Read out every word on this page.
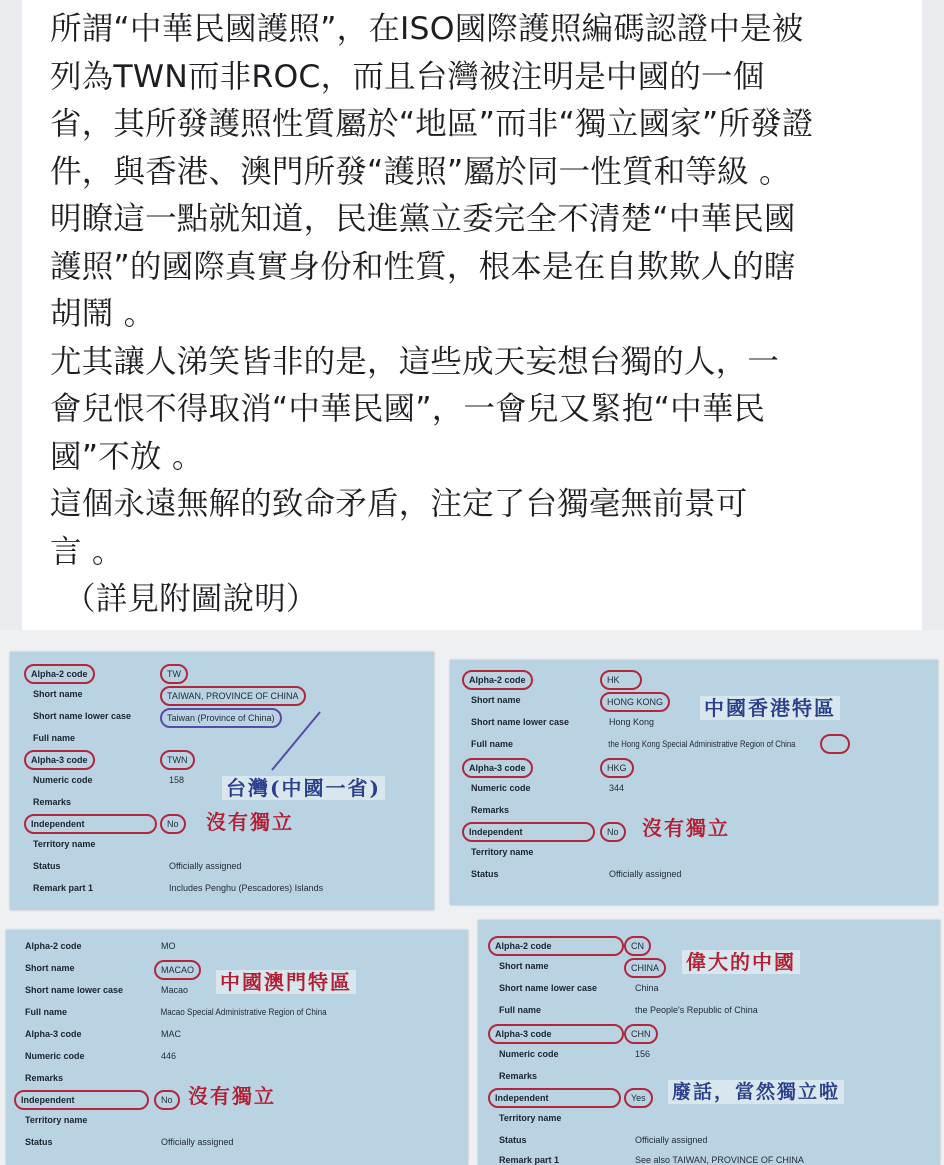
所謂“中華民國護照”，在ISO國際護照編碼認證中是被
列為TWN而非ROC，而且台灣被注明是中國的一個
省，其所發護照性質屬於“地區”而非“獨立國家”所發證
件，與香港、澳門所發“護照”屬於同一性質和等級 。
明瞭這一點就知道，民進黨立委完全不清楚“中華民國
護照”的國際真實身份和性質，根本是在自欺欺人的瞎
胡鬧 。
尤其讓人涕笑皆非的是，這些成天妄想台獨的人，一
會兒恨不得取消“中華民國”，一會兒又緊抱“中華民
國”不放 。
這個永遠無解的致命矛盾，注定了台獨毫無前景可
言 。
（詳見附圖說明）
Alpha-2 code	TW
Short name	TAIWAN, PROVINCE OF CHINA
Short name lower case	Taiwan (Province of China)
Full name
Alpha-3 code	TWN
Numeric code	158
Remarks
Independent	No
Territory name
Status	Officially assigned
Remark part 1	Includes Penghu (Pescadores) Islands
台灣(中國一省)
沒有獨立
Alpha-2 code	HK
Short name	HONG KONG
Short name lower case	Hong Kong
Full name	the Hong Kong Special Administrative Region of China
Alpha-3 code	HKG
Numeric code	344
Remarks
Independent	No
Territory name
Status	Officially assigned
中國香港特區
沒有獨立
Alpha-2 code	MO
Short name	MACAO
Short name lower case	Macao
Full name	Macao Special Administrative Region of China
Alpha-3 code	MAC
Numeric code	446
Remarks
Independent	No
Territory name
Status	Officially assigned
中國澳門特區
沒有獨立
Alpha-2 code	CN
Short name	CHINA
Short name lower case	China
Full name	the People's Republic of China
Alpha-3 code	CHN
Numeric code	156
Remarks
Independent	Yes
Territory name
Status	Officially assigned
Remark part 1	See also TAIWAN, PROVINCE OF CHINA
偉大的中國
廢話，當然獨立啦
